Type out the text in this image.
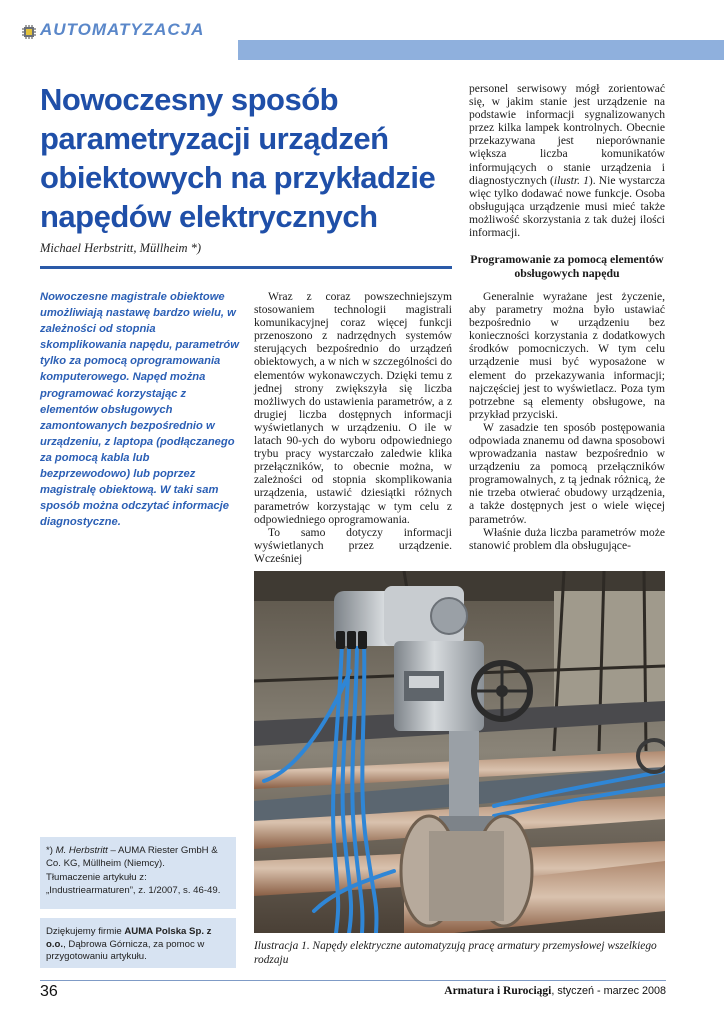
AUTOMATYZACJA
Nowoczesny sposób parametryzacji urządzeń obiektowych na przykładzie napędów elektrycznych
Michael Herbstritt, Müllheim *)

Nowoczesne magistrale obiektowe umożliwiają nastawę bardzo wielu, w zależności od stopnia skomplikowania napędu, parametrów tylko za pomocą oprogramowania komputerowego. Napęd można programować korzystając z elementów obsługowych zamontowanych bezpośrednio w urządzeniu, z laptopa (podłączanego za pomocą kabla lub bezprzewodowo) lub poprzez magistralę obiektową. W taki sam sposób można odczytać informacje diagnostyczne.

Wraz z coraz powszechniejszym stosowaniem technologii magistrali komunikacyjnej coraz więcej funkcji przenoszono z nadrzędnych systemów sterujących bezpośrednio do urządzeń obiektowych, a w nich w szczególności do elementów wykonawczych. Dzięki temu z jednej strony zwiększyła się liczba możliwych do ustawienia parametrów, a z drugiej liczba dostępnych informacji wyświetlanych w urządzeniu. O ile w latach 90-ych do wyboru odpowiedniego trybu pracy wystarczało zaledwie klika przełączników, to obecnie można, w zależności od stopnia skomplikowania urządzenia, ustawić dziesiątki różnych parametrów korzystając w tym celu z odpowiedniego oprogramowania.

To samo dotyczy informacji wyświetlanych przez urządzenie. Wcześniej

personel serwisowy mógł zorientować się, w jakim stanie jest urządzenie na podstawie informacji sygnalizowanych przez kilka lampek kontrolnych. Obecnie przekazywana jest nieporównanie większa liczba komunikatów informujących o stanie urządzenia i diagnostycznych (ilustr. 1). Nie wystarcza więc tylko dodawać nowe funkcje. Osoba obsługująca urządzenie musi mieć także możliwość skorzystania z tak dużej ilości informacji.

Programowanie za pomocą elementów obsługowych napędu

Generalnie wyrażane jest życzenie, aby parametry można było ustawiać bezpośrednio w urządzeniu bez konieczności korzystania z dodatkowych środków pomocniczych. W tym celu urządzenie musi być wyposażone w element do przekazywania informacji; najczęściej jest to wyświetlacz. Poza tym potrzebne są elementy obsługowe, na przykład przyciski.

W zasadzie ten sposób postępowania odpowiada znanemu od dawna sposobowi wprowadzania nastaw bezpośrednio w urządzeniu za pomocą przełączników programowalnych, z tą jednak różnicą, że nie trzeba otwierać obudowy urządzenia, a także dostępnych jest o wiele więcej parametrów.

Właśnie duża liczba parametrów może stanowić problem dla obsługujące-

Ilustracja 1. Napędy elektryczne automatyzują pracę armatury przemysłowej wszelkiego rodzaju

*) M. Herbstritt – AUMA Riester GmbH & Co. KG, Müllheim (Niemcy).

Tłumaczenie artykułu z: „Industriearmaturen”, z. 1/2007, s. 46-49.

Dziękujemy firmie AUMA Polska Sp. z o.o., Dąbrowa Górnicza, za pomoc w przygotowaniu artykułu.

36	Armatura i Rurociągi, styczeń - marzec 2008
